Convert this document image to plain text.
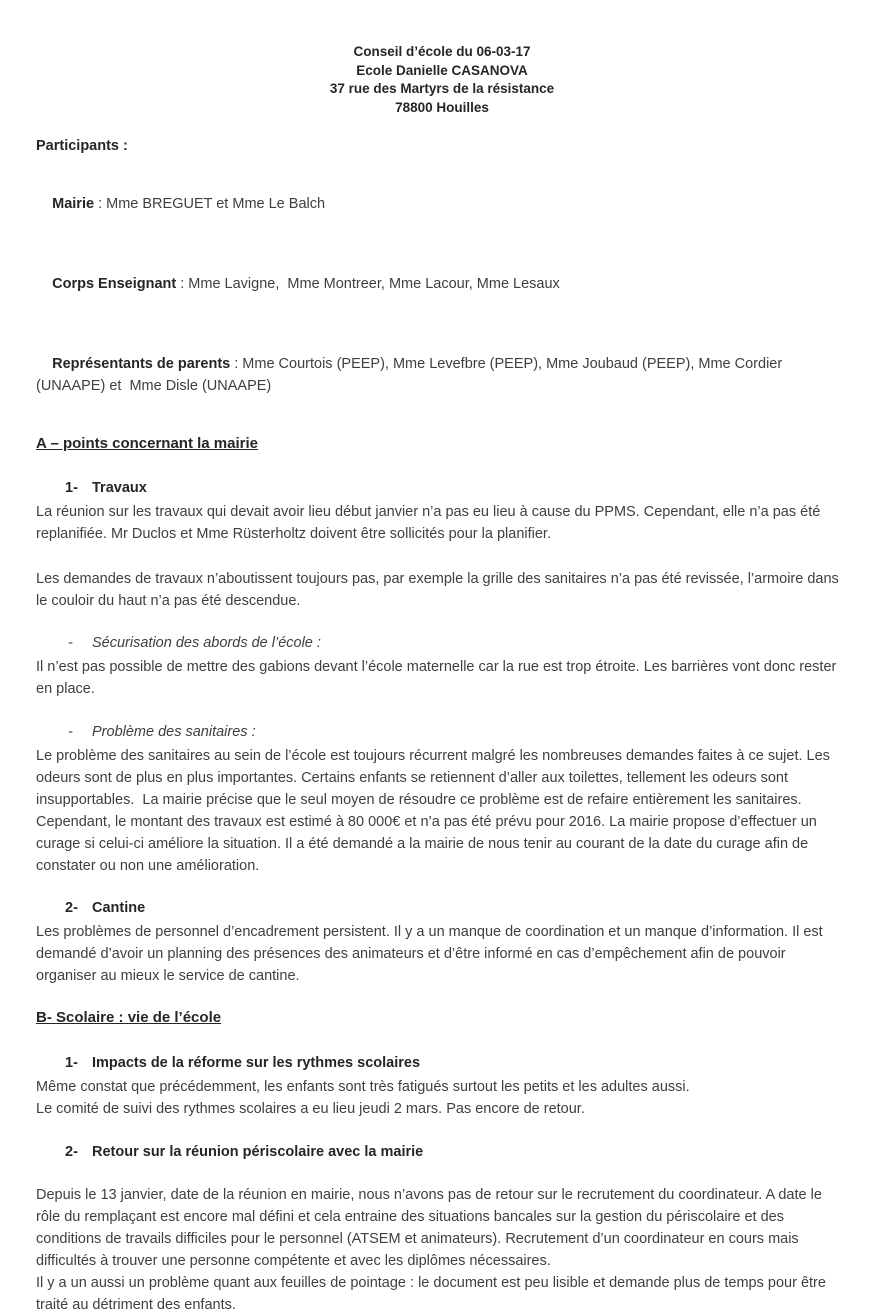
Conseil d’école du 06-03-17
Ecole Danielle CASANOVA
37 rue des Martyrs de la résistance
78800 Houilles
Participants :

Mairie : Mme BREGUET et Mme Le Balch

Corps Enseignant : Mme Lavigne,  Mme Montreer, Mme Lacour, Mme Lesaux

Représentants de parents : Mme Courtois (PEEP), Mme Levefbre (PEEP), Mme Joubaud (PEEP), Mme Cordier (UNAAPE) et  Mme Disle (UNAAPE)

A – points concernant la mairie
1- Travaux
La réunion sur les travaux qui devait avoir lieu début janvier n’a pas eu lieu à cause du PPMS. Cependant, elle n’a pas été replanifiée. Mr Duclos et Mme Rüsterholtz doivent être sollicités pour la planifier.
Les demandes de travaux n’aboutissent toujours pas, par exemple la grille des sanitaires n’a pas été revissée, l’armoire dans le couloir du haut n’a pas été descendue.
-	Sécurisation des abords de l’école :
Il n’est pas possible de mettre des gabions devant l’école maternelle car la rue est trop étroite. Les barrières vont donc rester en place.
-	Problème des sanitaires :
Le problème des sanitaires au sein de l’école est toujours récurrent malgré les nombreuses demandes faites à ce sujet. Les odeurs sont de plus en plus importantes. Certains enfants se retiennent d’aller aux toilettes, tellement les odeurs sont insupportables.  La mairie précise que le seul moyen de résoudre ce problème est de refaire entièrement les sanitaires. Cependant, le montant des travaux est estimé à 80 000€ et n’a pas été prévu pour 2016. La mairie propose d’effectuer un curage si celui-ci améliore la situation. Il a été demandé a la mairie de nous tenir au courant de la date du curage afin de constater ou non une amélioration.
2- Cantine
Les problèmes de personnel d’encadrement persistent. Il y a un manque de coordination et un manque d’information. Il est demandé d’avoir un planning des présences des animateurs et d’être informé en cas d’empêchement afin de pouvoir organiser au mieux le service de cantine.
B- Scolaire : vie de l’école
1- Impacts de la réforme sur les rythmes scolaires
Même constat que précédemment, les enfants sont très fatigués surtout les petits et les adultes aussi.
Le comité de suivi des rythmes scolaires a eu lieu jeudi 2 mars. Pas encore de retour.
2- Retour sur la réunion périscolaire avec la mairie
Depuis le 13 janvier, date de la réunion en mairie, nous n’avons pas de retour sur le recrutement du coordinateur. A date le rôle du remplaçant est encore mal défini et cela entraine des situations bancales sur la gestion du périscolaire et des conditions de travails difficiles pour le personnel (ATSEM et animateurs). Recrutement d’un coordinateur en cours mais difficultés à trouver une personne compétente et avec les diplômes nécessaires.
Il y a un aussi un problème quant aux feuilles de pointage : le document est peu lisible et demande plus de temps pour être traité au détriment des enfants.
